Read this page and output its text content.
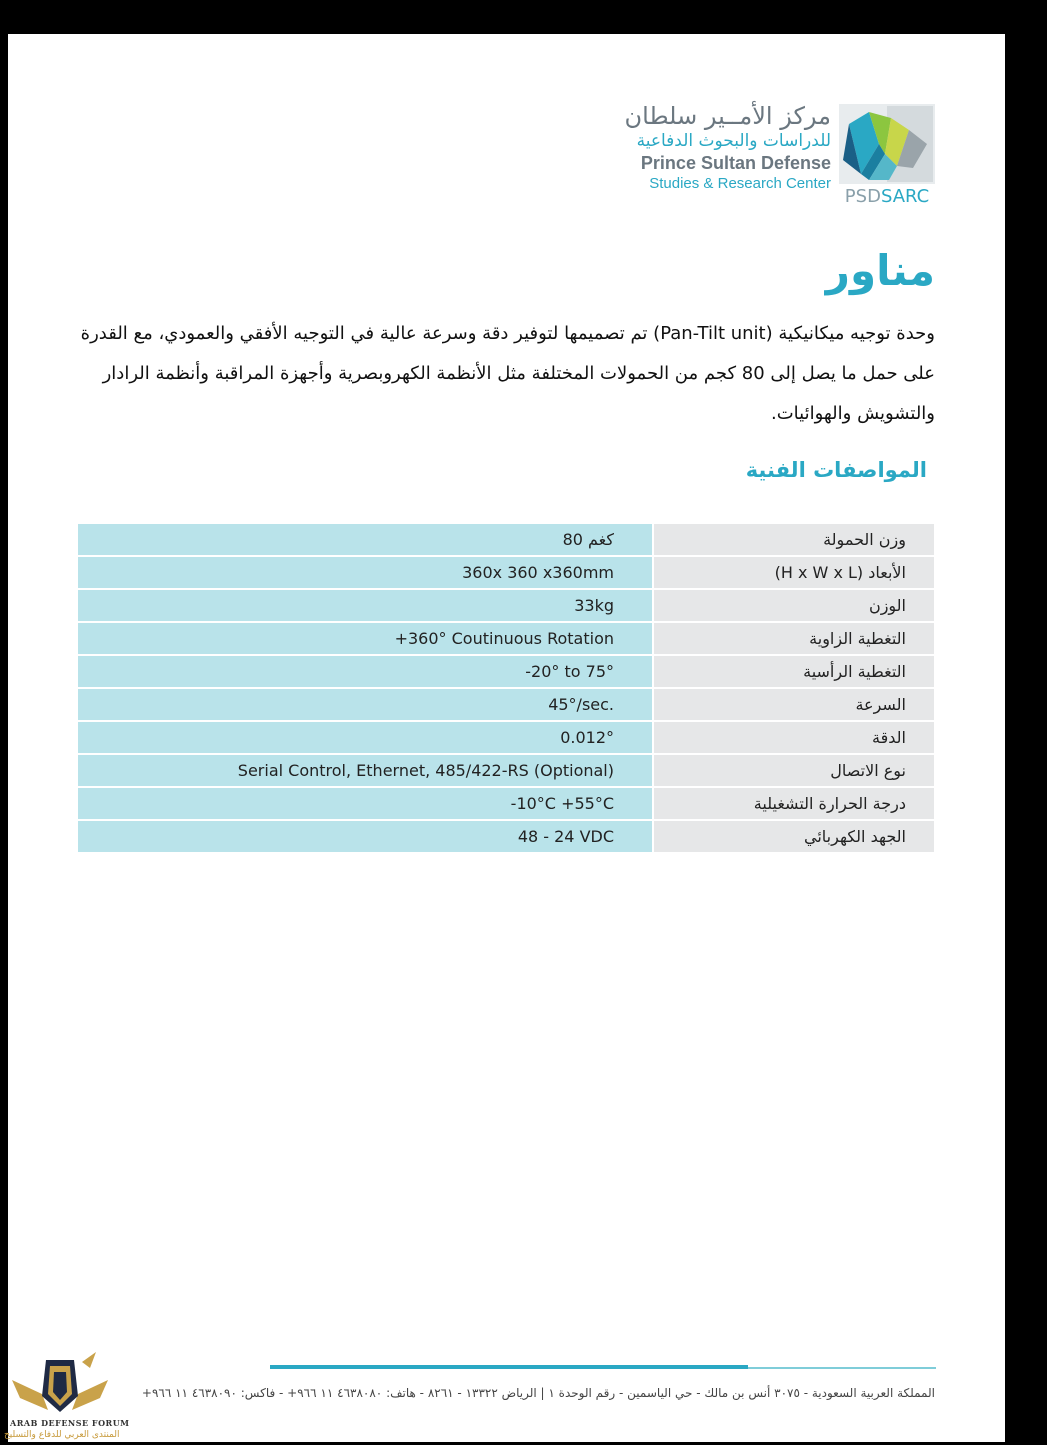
PSDSARC
مركز الأمــير سلطان
للدراسات والبحوث الدفاعية
Prince Sultan Defense
Studies & Research Center
مناور

وحدة توجيه ميكانيكية (Pan-Tilt unit) تم تصميمها لتوفير دقة وسرعة عالية في التوجيه الأفقي والعمودي، مع القدرة على حمل ما يصل إلى 80 كجم من الحمولات المختلفة مثل الأنظمة الكهروبصرية وأجهزة المراقبة وأنظمة الرادار والتشويش والهوائيات.

المواصفات الفنية
80 كغم	وزن الحمولة
360x 360 x360mm	الأبعاد (H x W x L)
33kg	الوزن
+360° Coutinuous Rotation	التغطية الزاوية
-20° to 75°	التغطية الرأسية
45°/sec.	السرعة
0.012°	الدقة
Serial Control, Ethernet, 485/422-RS (Optional)	نوع الاتصال
-10°C +55°C	درجة الحرارة التشغيلية
48 - 24 VDC	الجهد الكهربائي
المملكة العربية السعودية - ٣٠٧٥ أنس بن مالك - حي الياسمين - رقم الوحدة ١ | الرياض ١٣٣٢٢ - ٨٢٦١ - هاتف: ٤٦٣٨٠٨٠ ١١ ٩٦٦+ - فاكس: ٤٦٣٨٠٩٠ ١١ ٩٦٦+
ARAB DEFENSE FORUM
المنتدى العربي للدفاع والتسليح
